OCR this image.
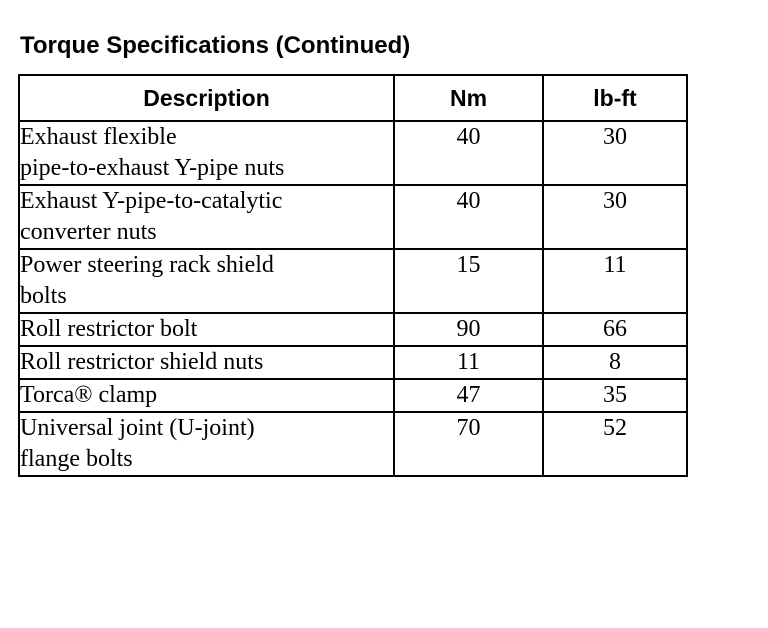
Torque Specifications (Continued)
Description	Nm	lb-ft

Exhaust flexible
pipe-to-exhaust Y-pipe nuts	40	30

Exhaust Y-pipe-to-catalytic
converter nuts	40	30

Power steering rack shield
bolts	15	11

Roll restrictor bolt	90	66

Roll restrictor shield nuts	11	8

Torca® clamp	47	35

Universal joint (U-joint)
flange bolts	70	52
